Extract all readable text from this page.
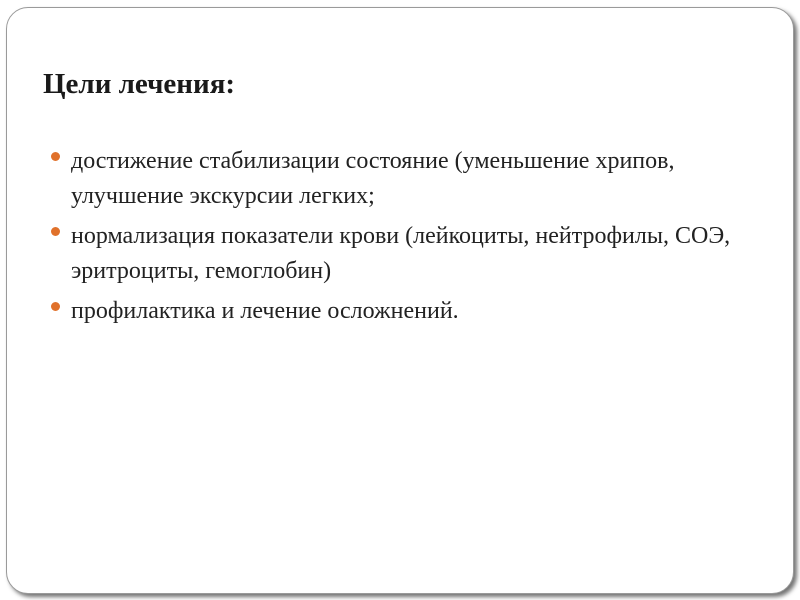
Цели лечения:
достижение стабилизации состояние (уменьшение хрипов, улучшение экскурсии легких;
нормализация показатели крови (лейкоциты, нейтрофилы, СОЭ, эритроциты, гемоглобин)
профилактика и лечение осложнений.
